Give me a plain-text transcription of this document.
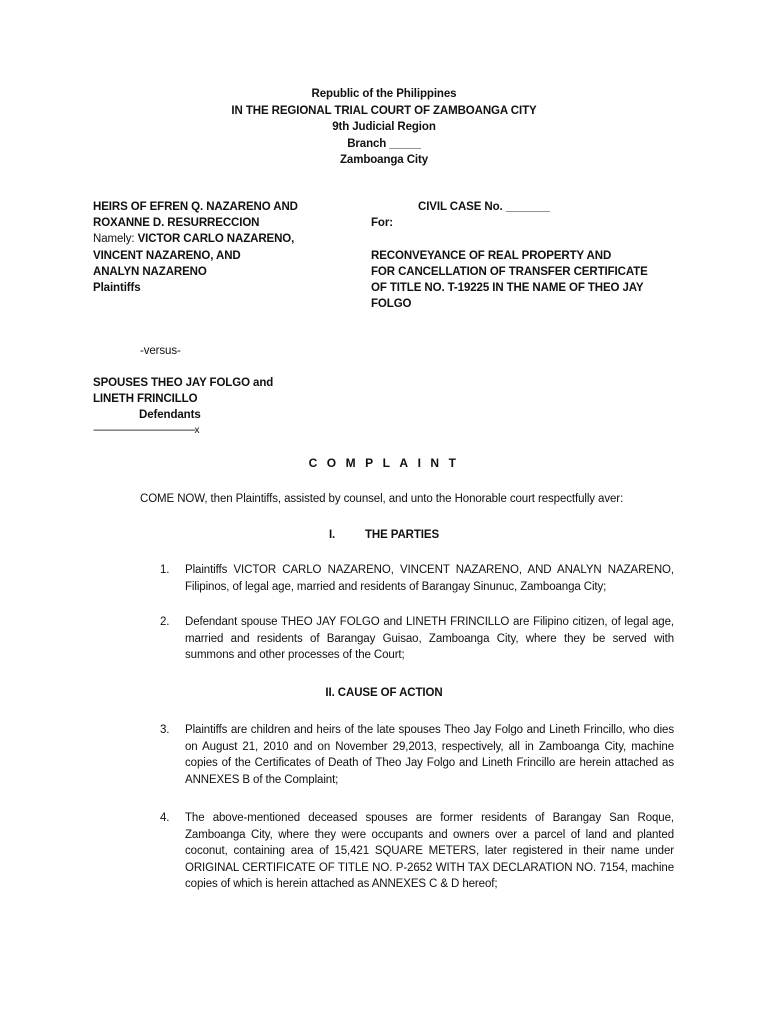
Republic of the Philippines
IN THE REGIONAL TRIAL COURT OF ZAMBOANGA CITY
9th Judicial Region
Branch _____
Zamboanga City
HEIRS OF EFREN Q. NAZARENO AND
ROXANNE D. RESURRECCION
Namely: VICTOR CARLO NAZARENO,
VINCENT NAZARENO, AND
ANALYN NAZARENO
Plaintiffs
CIVIL CASE No. _______
For:
RECONVEYANCE OF REAL PROPERTY AND
FOR CANCELLATION OF TRANSFER CERTIFICATE
OF TITLE NO. T-19225 IN THE NAME OF THEO JAY
FOLGO
-versus-
SPOUSES THEO JAY FOLGO and
LINETH FRINCILLO
Defendants
--------------------------------------------------x
COMPLAINT
COME NOW, then Plaintiffs, assisted by counsel, and unto the Honorable court respectfully aver:
I.	THE PARTIES
1.	Plaintiffs VICTOR CARLO NAZARENO, VINCENT NAZARENO, AND ANALYN NAZARENO, Filipinos, of legal age, married and residents of Barangay Sinunuc, Zamboanga City;
2.	Defendant spouse THEO JAY FOLGO and LINETH FRINCILLO are Filipino citizen, of legal age, married and residents of Barangay Guisao, Zamboanga City, where they be served with summons and other processes of the Court;
II. CAUSE OF ACTION
3.	Plaintiffs are children and heirs of the late spouses Theo Jay Folgo and Lineth Frincillo, who dies on August 21, 2010 and on November 29,2013, respectively, all in Zamboanga City, machine copies of the Certificates of Death of Theo Jay Folgo and Lineth Frincillo are herein attached as ANNEXES B of the Complaint;
4.	The above-mentioned deceased spouses are former residents of Barangay San Roque, Zamboanga City, where they were occupants and owners over a parcel of land and planted coconut, containing area of 15,421 SQUARE METERS, later registered in their name under ORIGINAL CERTIFICATE OF TITLE NO. P-2652 WITH TAX DECLARATION NO. 7154, machine copies of which is herein attached as ANNEXES C & D hereof;
